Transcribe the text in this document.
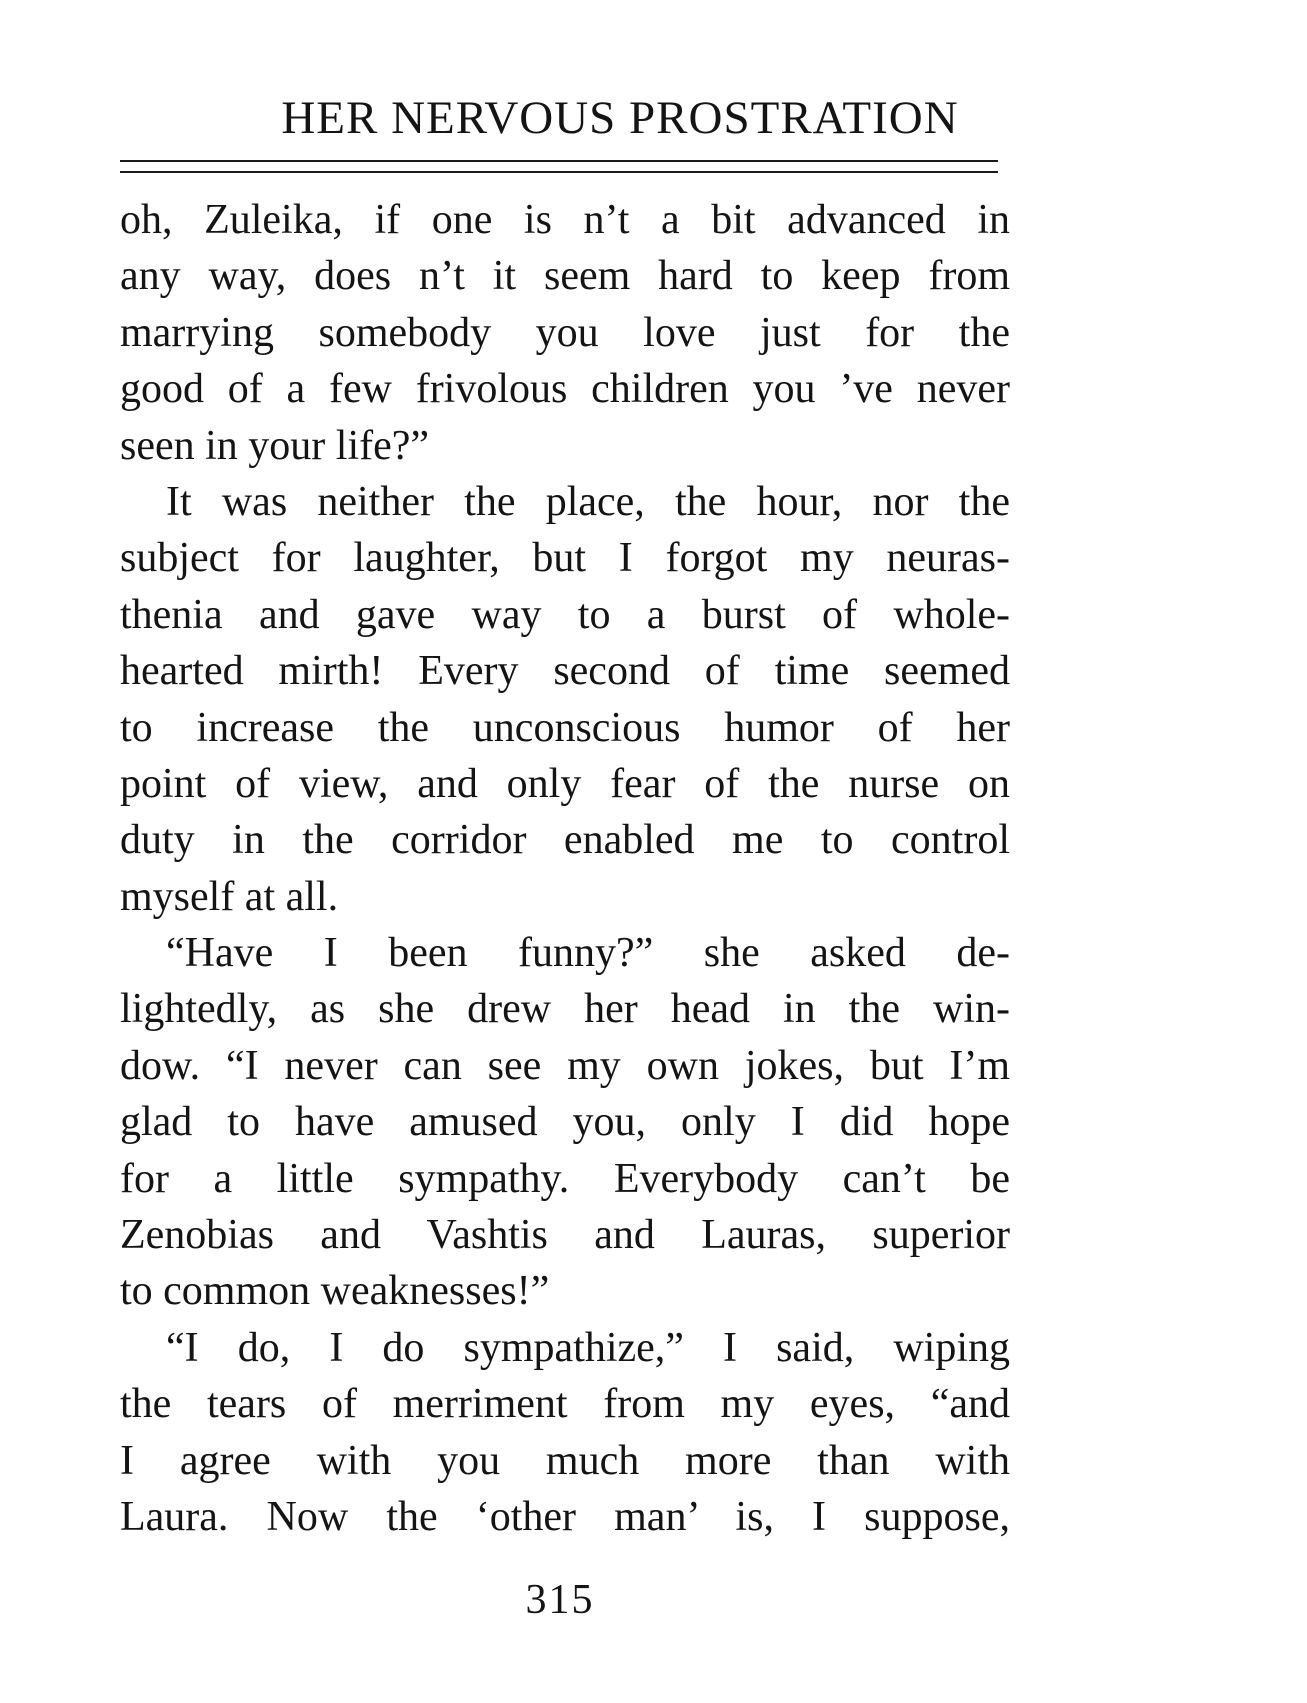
HER NERVOUS PROSTRATION
oh, Zuleika, if one is n’t a bit advanced in
any way, does n’t it seem hard to keep from
marrying somebody you love just for the
good of a few frivolous children you ’ve never
seen in your life?”
It was neither the place, the hour, nor the
subject for laughter, but I forgot my neuras-
thenia and gave way to a burst of whole-
hearted mirth! Every second of time seemed
to increase the unconscious humor of her
point of view, and only fear of the nurse on
duty in the corridor enabled me to control
myself at all.
“Have I been funny?” she asked de-
lightedly, as she drew her head in the win-
dow. “I never can see my own jokes, but I’m
glad to have amused you, only I did hope
for a little sympathy. Everybody can’t be
Zenobias and Vashtis and Lauras, superior
to common weaknesses!”
“I do, I do sympathize,” I said, wiping
the tears of merriment from my eyes, “and
I agree with you much more than with
Laura. Now the ‘other man’ is, I suppose,
315
